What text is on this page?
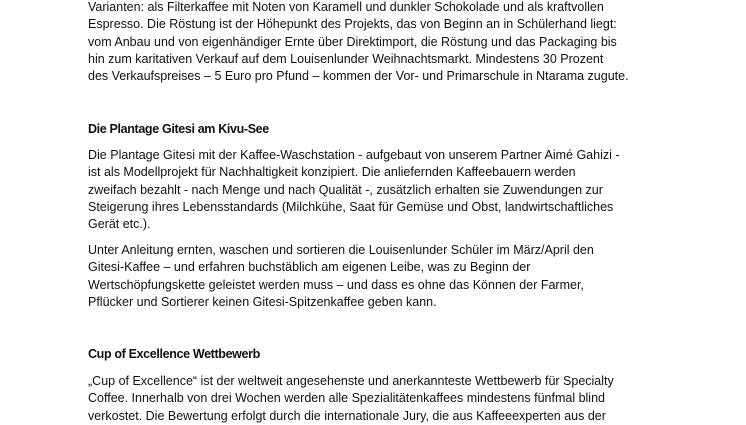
Varianten: als Filterkaffee mit Noten von Karamell und dunkler Schokolade und als kraftvollen
Espresso. Die Röstung ist der Höhepunkt des Projekts, das von Beginn an in Schülerhand liegt:
vom Anbau und von eigenhändiger Ernte über Direktimport, die Röstung und das Packaging bis
hin zum karitativen Verkauf auf dem Louisenlunder Weihnachtsmarkt. Mindestens 30 Prozent
des Verkaufspreises – 5 Euro pro Pfund – kommen der Vor- und Primarschule in Ntarama zugute.

Die Plantage Gitesi am Kivu-See

Die Plantage Gitesi mit der Kaffee-Waschstation - aufgebaut von unserem Partner Aimé Gahizi -
ist als Modellprojekt für Nachhaltigkeit konzipiert. Die anliefernden Kaffeebauern werden
zweifach bezahlt - nach Menge und nach Qualität -, zusätzlich erhalten sie Zuwendungen zur
Steigerung ihres Lebensstandards (Milchkühe, Saat für Gemüse und Obst, landwirtschaftliches
Gerät etc.).

Unter Anleitung ernten, waschen und sortieren die Louisenlunder Schüler im März/April den
Gitesi-Kaffee – und erfahren buchstäblich am eigenen Leibe, was zu Beginn der
Wertschöpfungskette geleistet werden muss – und dass es ohne das Können der Farmer,
Pflücker und Sortierer keinen Gitesi-Spitzenkaffee geben kann.

Cup of Excellence Wettbewerb

„Cup of Excellence“ ist der weltweit angesehenste und anerkannteste Wettbewerb für Specialty
Coffee. Innerhalb von drei Wochen werden alle Spezialitätenkaffees mindestens fünfmal blind
verkostet. Die Bewertung erfolgt durch die internationale Jury, die aus Kaffeeexperten aus der
